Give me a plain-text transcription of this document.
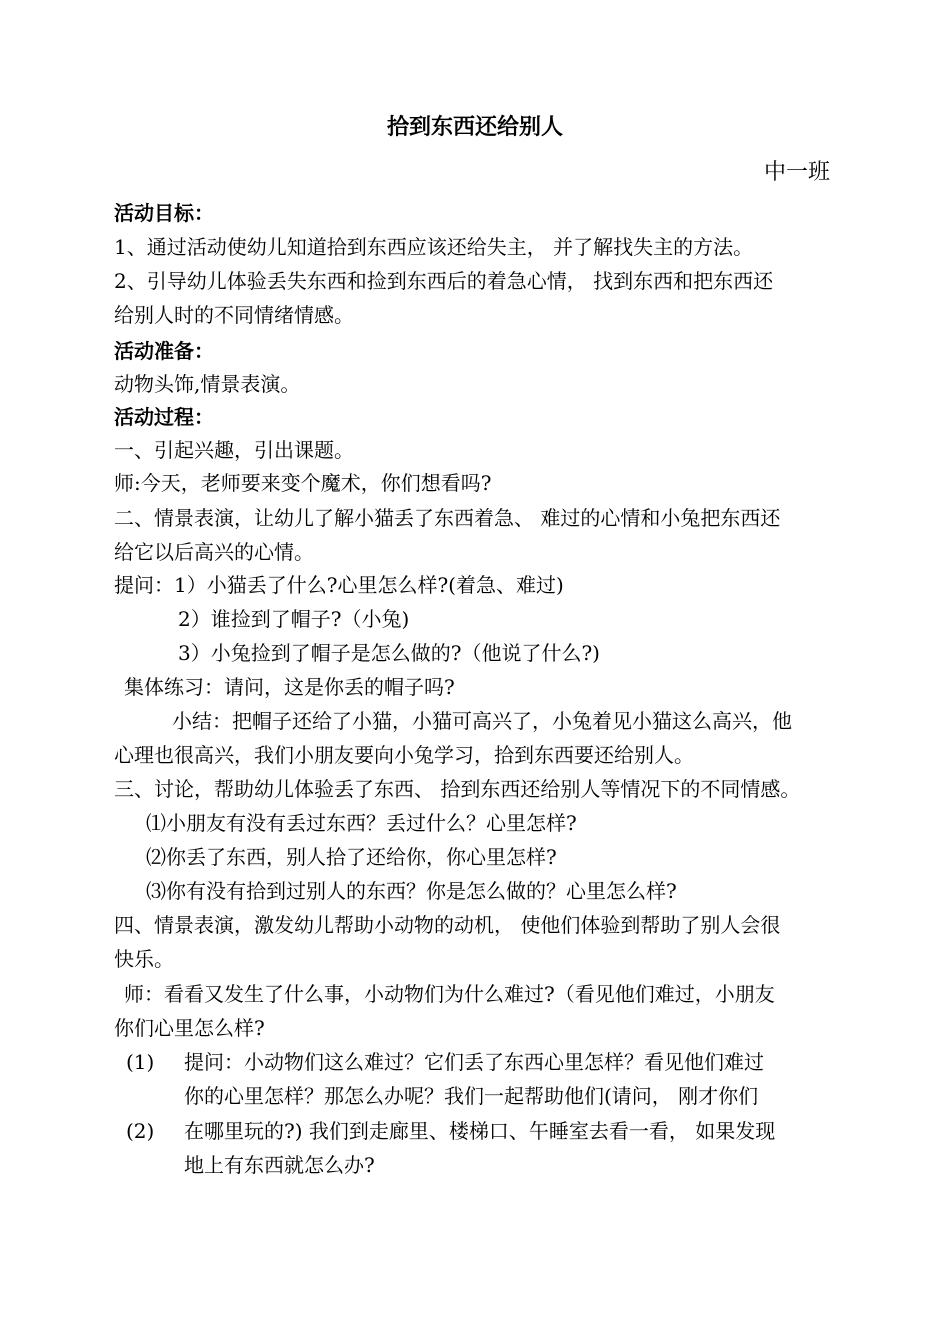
拾到东西还给别人
中一班
活动目标：
1、通过活动使幼儿知道拾到东西应该还给失主， 并了解找失主的方法。
2、引导幼儿体验丢失东西和捡到东西后的着急心情， 找到东西和把东西还
给别人时的不同情绪情感。
活动准备：
动物头饰,情景表演。
活动过程：
一、引起兴趣，引出课题。
师:今天，老师要来变个魔术，你们想看吗?
二、情景表演，让幼儿了解小猫丢了东西着急、 难过的心情和小兔把东西还
给它以后高兴的心情。
提问：1）小猫丢了什么?心里怎么样?(着急、难过)
2）谁捡到了帽子?（小兔)
3）小兔捡到了帽子是怎么做的?（他说了什么?)
集体练习：请问，这是你丢的帽子吗?
小结：把帽子还给了小猫，小猫可高兴了，小兔着见小猫这么高兴，他
心理也很高兴，我们小朋友要向小兔学习，拾到东西要还给别人。
三、讨论，帮助幼儿体验丢了东西、 拾到东西还给别人等情况下的不同情感。
⑴小朋友有没有丢过东西？丢过什么？心里怎样?
⑵你丢了东西，别人拾了还给你，你心里怎样?
⑶你有没有拾到过别人的东西？你是怎么做的？心里怎么样?
四、情景表演，激发幼儿帮助小动物的动机， 使他们体验到帮助了别人会很
快乐。
师：看看又发生了什么事，小动物们为什么难过?（看见他们难过，小朋友
你们心里怎么样?
(1) 提问：小动物们这么难过？它们丢了东西心里怎样？看见他们难过
你的心里怎样？那怎么办呢？我们一起帮助他们(请问， 刚才你们
(2) 在哪里玩的?) 我们到走廊里、楼梯口、午睡室去看一看， 如果发现
地上有东西就怎么办?
